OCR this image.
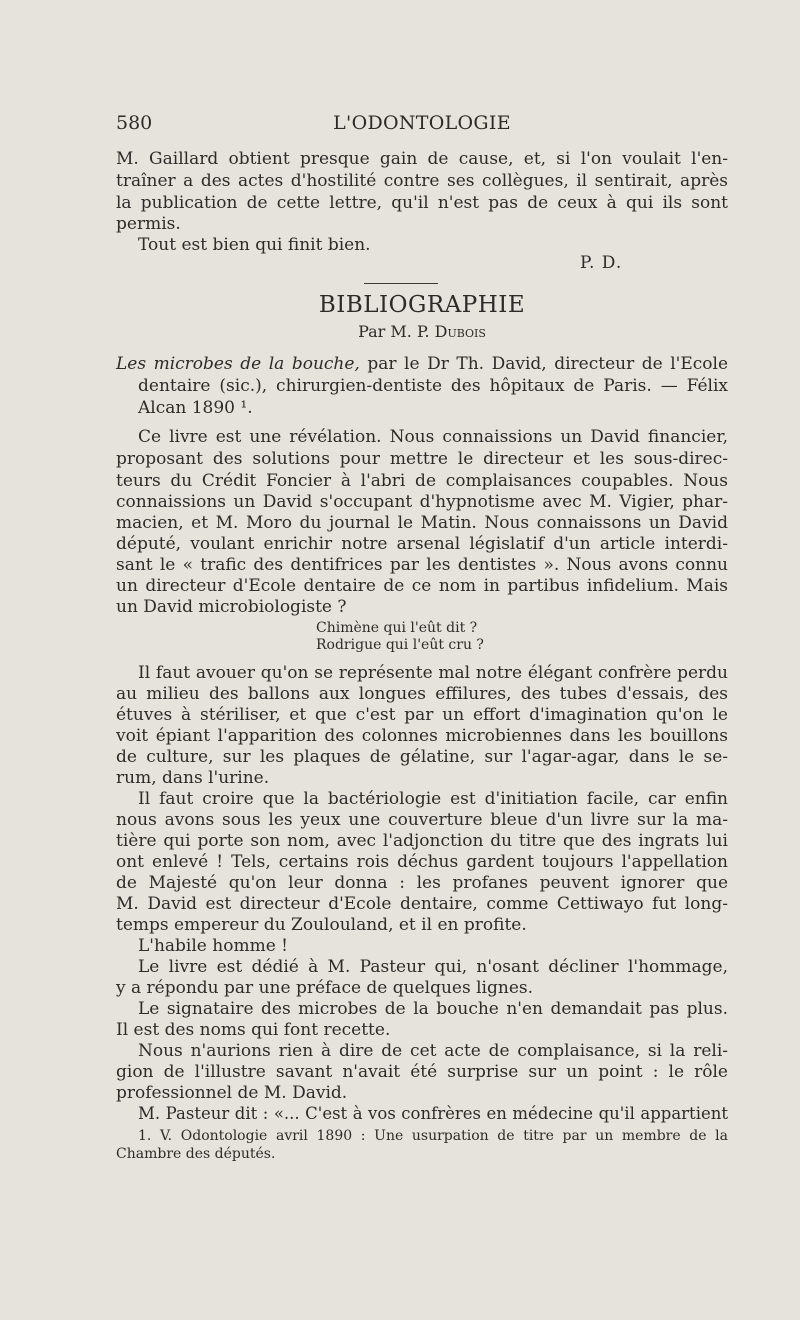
580	L'ODONTOLOGIE
M. Gaillard obtient presque gain de cause, et, si l'on voulait l'en-
traîner a des actes d'hostilité contre ses collègues, il sentirait, après
la publication de cette lettre, qu'il n'est pas de ceux à qui ils sont
permis.
Tout est bien qui finit bien.
P. D.
BIBLIOGRAPHIE
Par M. P. Dubois
Les microbes de la bouche, par le Dr Th. David, directeur de l'Ecole
dentaire (sic.), chirurgien-dentiste des hôpitaux de Paris. — Félix
Alcan 1890 ¹.
Ce livre est une révélation. Nous connaissions un David financier,
proposant des solutions pour mettre le directeur et les sous-direc-
teurs du Crédit Foncier à l'abri de complaisances coupables. Nous
connaissions un David s'occupant d'hypnotisme avec M. Vigier, phar-
macien, et M. Moro du journal le Matin. Nous connaissons un David
député, voulant enrichir notre arsenal législatif d'un article interdi-
sant le « trafic des dentifrices par les dentistes ». Nous avons connu
un directeur d'Ecole dentaire de ce nom in partibus infidelium. Mais
un David microbiologiste ?
Chimène qui l'eût dit ?
Rodrigue qui l'eût cru ?
Il faut avouer qu'on se représente mal notre élégant confrère perdu
au milieu des ballons aux longues effilures, des tubes d'essais, des
étuves à stériliser, et que c'est par un effort d'imagination qu'on le
voit épiant l'apparition des colonnes microbiennes dans les bouillons
de culture, sur les plaques de gélatine, sur l'agar-agar, dans le se-
rum, dans l'urine.
Il faut croire que la bactériologie est d'initiation facile, car enfin
nous avons sous les yeux une couverture bleue d'un livre sur la ma-
tière qui porte son nom, avec l'adjonction du titre que des ingrats lui
ont enlevé ! Tels, certains rois déchus gardent toujours l'appellation
de Majesté qu'on leur donna : les profanes peuvent ignorer que
M. David est directeur d'Ecole dentaire, comme Cettiwayo fut long-
temps empereur du Zoulouland, et il en profite.
L'habile homme !
Le livre est dédié à M. Pasteur qui, n'osant décliner l'hommage,
y a répondu par une préface de quelques lignes.
Le signataire des microbes de la bouche n'en demandait pas plus.
Il est des noms qui font recette.
Nous n'aurions rien à dire de cet acte de complaisance, si la reli-
gion de l'illustre savant n'avait été surprise sur un point : le rôle
professionnel de M. David.
M. Pasteur dit : «... C'est à vos confrères en médecine qu'il appartient
1. V. Odontologie avril 1890 : Une usurpation de titre par un membre de la
Chambre des députés.
